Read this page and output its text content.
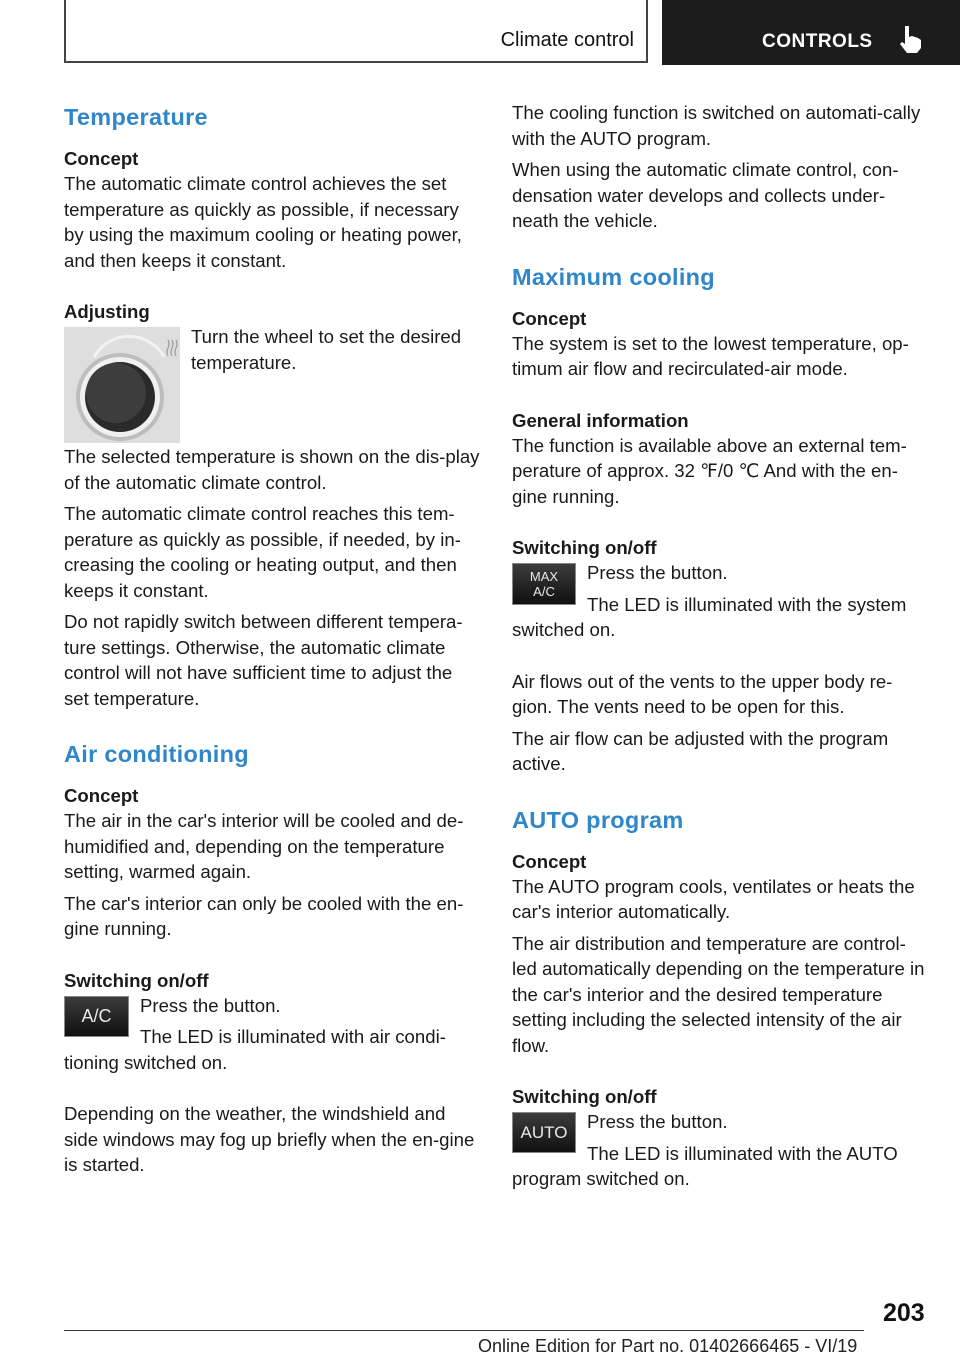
Climate control	CONTROLS
Temperature
Concept

The automatic climate control achieves the set temperature as quickly as possible, if necessary by using the maximum cooling or heating power, and then keeps it constant.

Adjusting
Turn the wheel to set the desired temperature.

The selected temperature is shown on the dis-play of the automatic climate control.

The automatic climate control reaches this tem-perature as quickly as possible, if needed, by in-creasing the cooling or heating output, and then keeps it constant.

Do not rapidly switch between different tempera-ture settings. Otherwise, the automatic climate control will not have sufficient time to adjust the set temperature.

Air conditioning
Concept

The air in the car's interior will be cooled and de-humidified and, depending on the temperature setting, warmed again.

The car's interior can only be cooled with the en-gine running.

Switching on/off
A/C	Press the button.

The LED is illuminated with air condi-tioning switched on.

Depending on the weather, the windshield and side windows may fog up briefly when the en-gine is started.

The cooling function is switched on automati-cally with the AUTO program.

When using the automatic climate control, con-densation water develops and collects under-neath the vehicle.

Maximum cooling
Concept

The system is set to the lowest temperature, op-timum air flow and recirculated-air mode.

General information

The function is available above an external tem-perature of approx. 32 ℉/0 ℃ And with the en-gine running.

Switching on/off
MAX
A/C
Press the button.

The LED is illuminated with the system switched on.

Air flows out of the vents to the upper body re-gion. The vents need to be open for this.

The air flow can be adjusted with the program active.

AUTO program
Concept

The AUTO program cools, ventilates or heats the car's interior automatically.

The air distribution and temperature are control-led automatically depending on the temperature in the car's interior and the desired temperature setting including the selected intensity of the air flow.

Switching on/off
AUTO
Press the button.

The LED is illuminated with the AUTO program switched on.

203
Online Edition for Part no. 01402666465 - VI/19
